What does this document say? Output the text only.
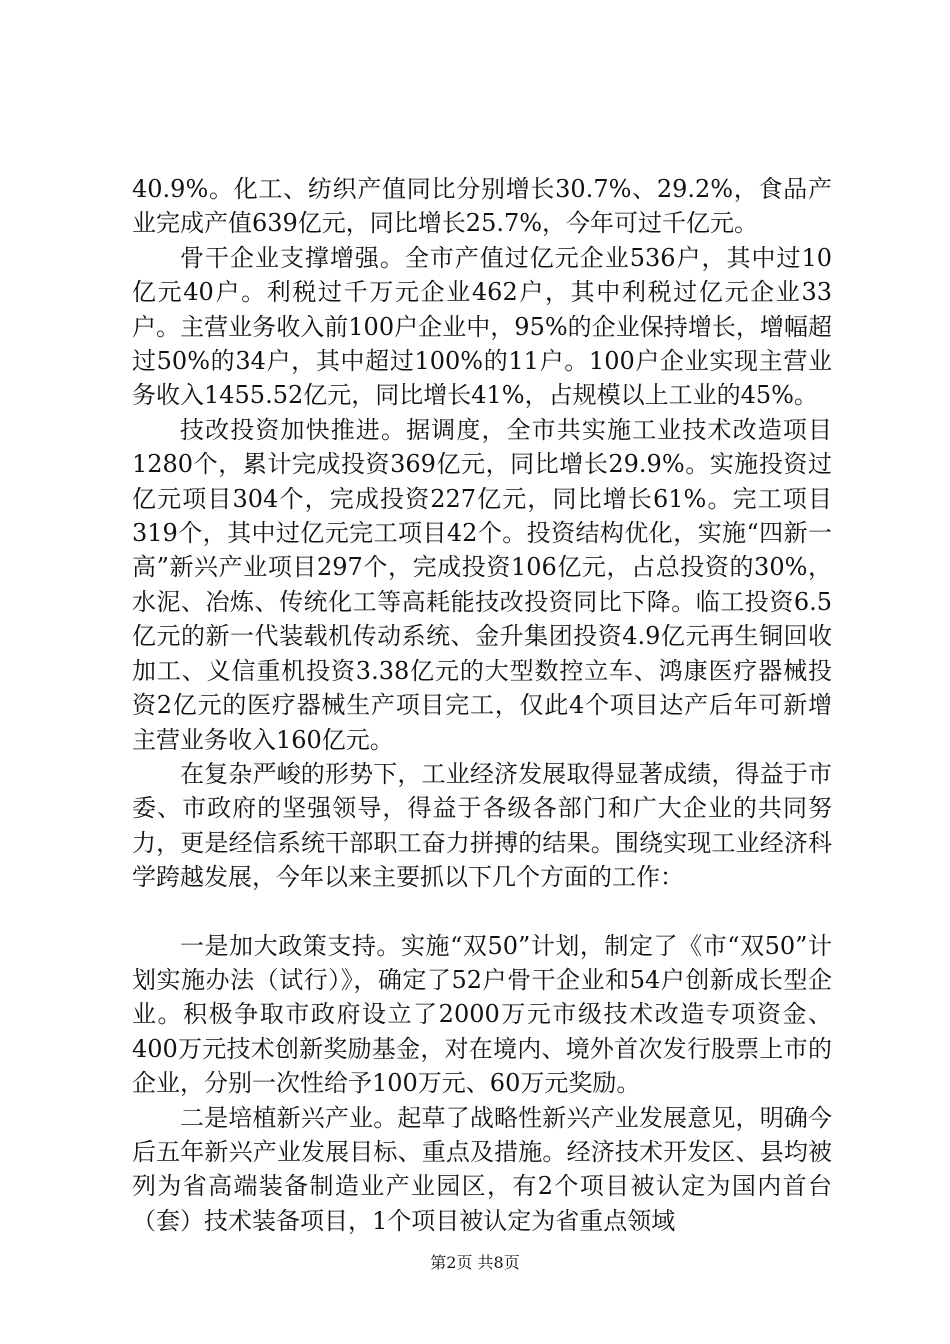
40.9%。化工、纺织产值同比分别增长30.7%、29.2%，食品产业完成产值639亿元，同比增长25.7%，今年可过千亿元。

骨干企业支撑增强。全市产值过亿元企业536户，其中过10亿元40户。利税过千万元企业462户，其中利税过亿元企业33户。主营业务收入前100户企业中，95%的企业保持增长，增幅超过50%的34户，其中超过100%的11户。100户企业实现主营业务收入1455.52亿元，同比增长41%，占规模以上工业的45%。

技改投资加快推进。据调度，全市共实施工业技术改造项目1280个，累计完成投资369亿元，同比增长29.9%。实施投资过亿元项目304个，完成投资227亿元，同比增长61%。完工项目319个，其中过亿元完工项目42个。投资结构优化，实施“四新一高”新兴产业项目297个，完成投资106亿元，占总投资的30%，水泥、冶炼、传统化工等高耗能技改投资同比下降。临工投资6.5亿元的新一代装载机传动系统、金升集团投资4.9亿元再生铜回收加工、义信重机投资3.38亿元的大型数控立车、鸿康医疗器械投资2亿元的医疗器械生产项目完工，仅此4个项目达产后年可新增主营业务收入160亿元。

在复杂严峻的形势下，工业经济发展取得显著成绩，得益于市委、市政府的坚强领导，得益于各级各部门和广大企业的共同努力，更是经信系统干部职工奋力拼搏的结果。围绕实现工业经济科学跨越发展，今年以来主要抓以下几个方面的工作：

一是加大政策支持。实施“双50”计划，制定了《市“双50”计划实施办法（试行）》，确定了52户骨干企业和54户创新成长型企业。积极争取市政府设立了2000万元市级技术改造专项资金、400万元技术创新奖励基金，对在境内、境外首次发行股票上市的企业，分别一次性给予100万元、60万元奖励。

二是培植新兴产业。起草了战略性新兴产业发展意见，明确今后五年新兴产业发展目标、重点及措施。经济技术开发区、县均被列为省高端装备制造业产业园区，有2个项目被认定为国内首台（套）技术装备项目，1个项目被认定为省重点领域

第2页 共8页
